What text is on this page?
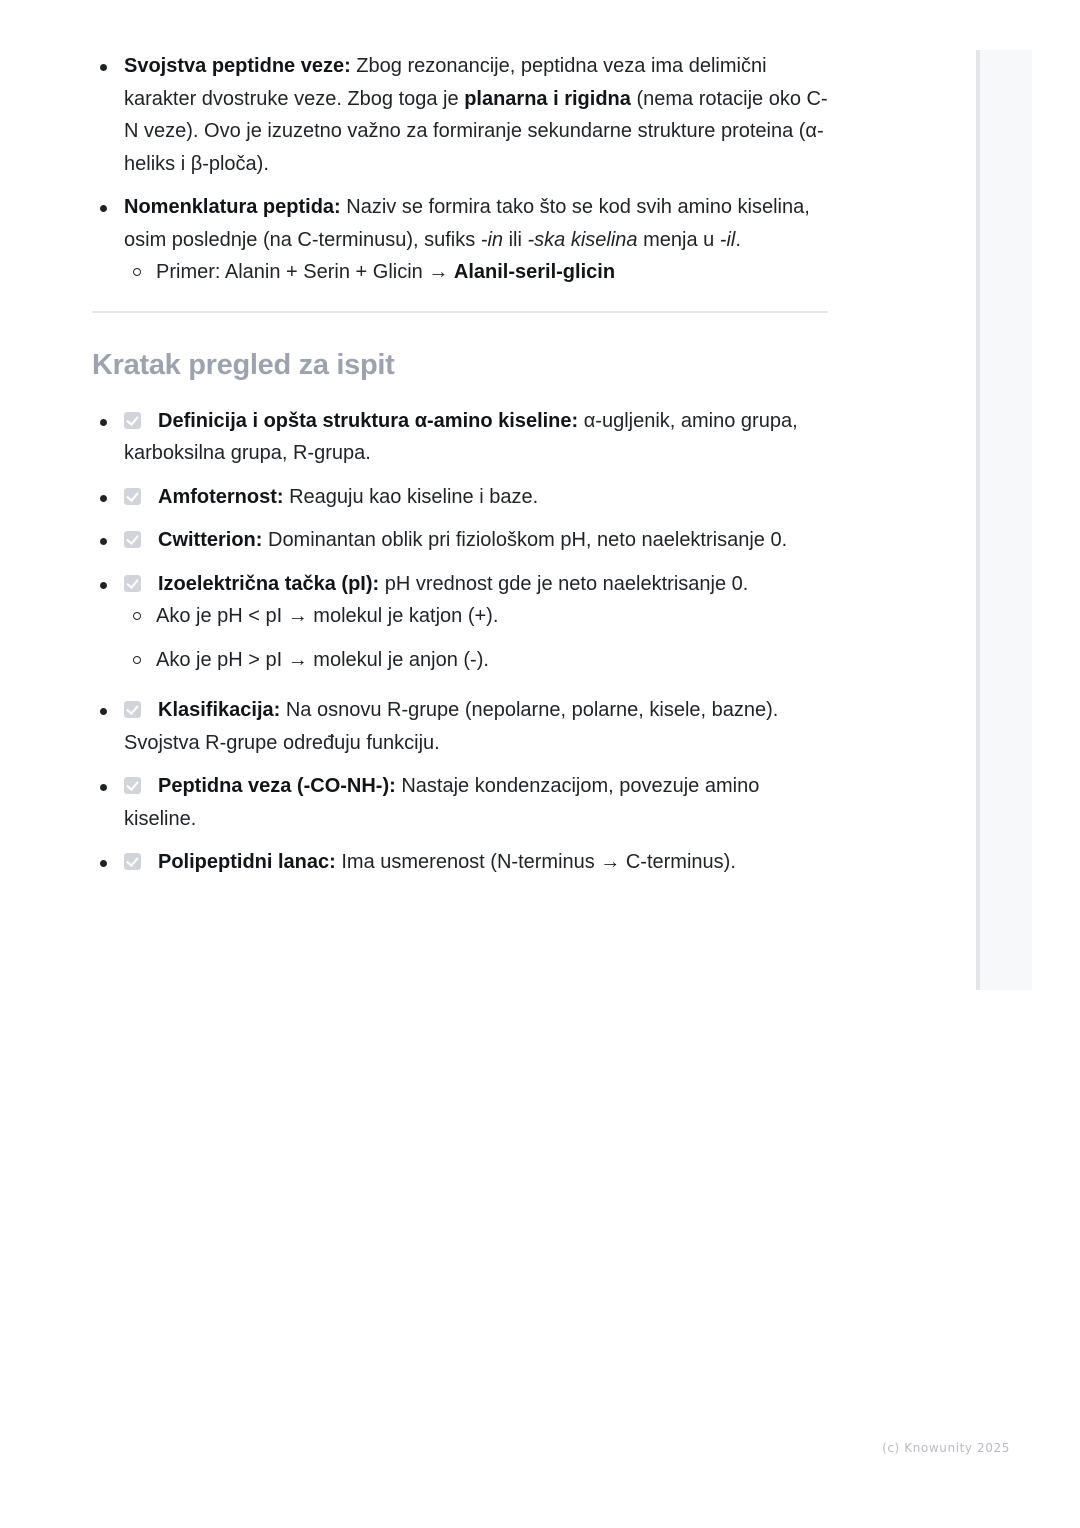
Svojstva peptidne veze: Zbog rezonancije, peptidna veza ima delimični karakter dvostruke veze. Zbog toga je planarna i rigidna (nema rotacije oko C-N veze). Ovo je izuzetno važno za formiranje sekundarne strukture proteina (α-heliks i β-ploča).
Nomenklatura peptida: Naziv se formira tako što se kod svih amino kiselina, osim poslednje (na C-terminusu), sufiks -in ili -ska kiselina menja u -il.
Primer: Alanin + Serin + Glicin → Alanil-seril-glicin
Kratak pregled za ispit
Definicija i opšta struktura α-amino kiseline: α-ugljenik, amino grupa, karboksilna grupa, R-grupa.
Amfoternost: Reaguju kao kiseline i baze.
Cwitterion: Dominantan oblik pri fiziološkom pH, neto naelektrisanje 0.
Izoelektrična tačka (pI): pH vrednost gde je neto naelektrisanje 0.
Ako je pH < pI → molekul je katjon (+).
Ako je pH > pI → molekul je anjon (-).
Klasifikacija: Na osnovu R-grupe (nepolarne, polarne, kisele, bazne). Svojstva R-grupe određuju funkciju.
Peptidna veza (-CO-NH-): Nastaje kondenzacijom, povezuje amino kiseline.
Polipeptidni lanac: Ima usmerenost (N-terminus → C-terminus).
(c) Knowunity 2025
